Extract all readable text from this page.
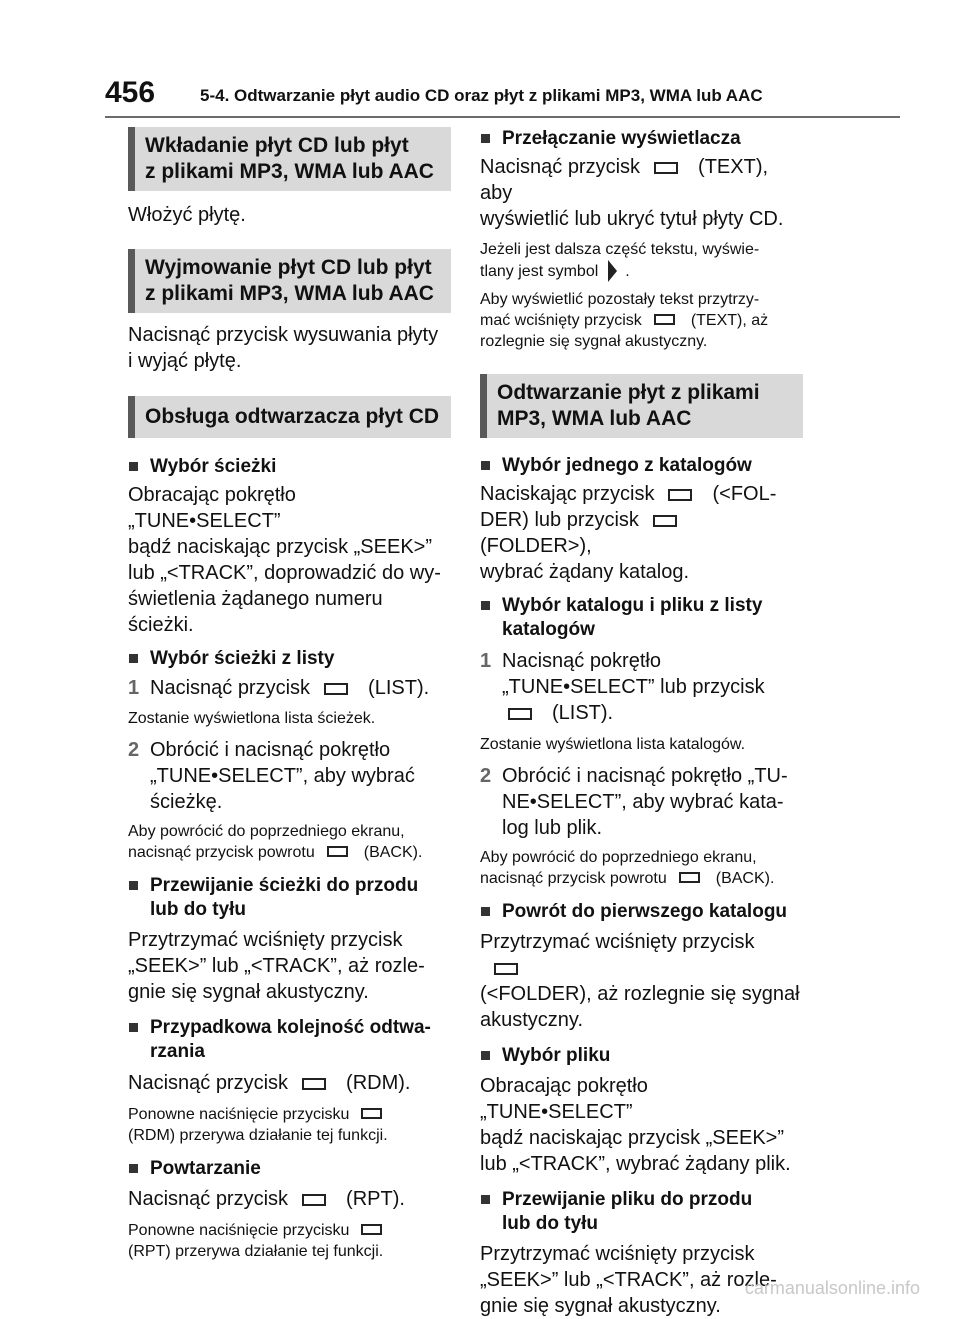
456	5-4. Odtwarzanie płyt audio CD oraz płyt z plikami MP3, WMA lub AAC
Wkładanie płyt CD lub płyt
z plikami MP3, WMA lub AAC
Włożyć płytę.
Wyjmowanie płyt CD lub płyt
z plikami MP3, WMA lub AAC
Nacisnąć przycisk wysuwania płyty
i wyjąć płytę.
Obsługa odtwarzacza płyt CD
Wybór ścieżki
Obracając pokrętło „TUNE•SELECT”
bądź naciskając przycisk „SEEK>”
lub „<TRACK”, doprowadzić do wy-
świetlenia żądanego numeru ścieżki.
Wybór ścieżki z listy
1 Nacisnąć przycisk	(LIST).
Zostanie wyświetlona lista ścieżek.
2 Obrócić i nacisnąć pokrętło
„TUNE•SELECT”, aby wybrać
ścieżkę.
Aby powrócić do poprzedniego ekranu,
nacisnąć przycisk powrotu	(BACK).
Przewijanie ścieżki do przodu
lub do tyłu
Przytrzymać wciśnięty przycisk
„SEEK>” lub „<TRACK”, aż rozle-
gnie się sygnał akustyczny.
Przypadkowa kolejność odtwa-
rzania
Nacisnąć przycisk	(RDM).
Ponowne naciśnięcie przycisku
(RDM) przerywa działanie tej funkcji.
Powtarzanie
Nacisnąć przycisk	(RPT).
Ponowne naciśnięcie przycisku
(RPT) przerywa działanie tej funkcji.
Przełączanie wyświetlacza
Nacisnąć przycisk	(TEXT), aby
wyświetlić lub ukryć tytuł płyty CD.
Jeżeli jest dalsza część tekstu, wyświe-
tlany jest symbol .
Aby wyświetlić pozostały tekst przytrzy-
mać wciśnięty przycisk	(TEXT), aż
rozlegnie się sygnał akustyczny.
Odtwarzanie płyt z plikami
MP3, WMA lub AAC
Wybór jednego z katalogów
Naciskając przycisk	(<FOL-
DER) lub przycisk(FOLDER>),
wybrać żądany katalog.
Wybór katalogu i pliku z listy
katalogów
1 Nacisnąć pokrętło
„TUNE•SELECT” lub przycisk
(LIST).
Zostanie wyświetlona lista katalogów.
2 Obrócić i nacisnąć pokrętło „TU-
NE•SELECT”, aby wybrać kata-
log lub plik.
Aby powrócić do poprzedniego ekranu,
nacisnąć przycisk powrotu	(BACK).
Powrót do pierwszego katalogu
Przytrzymać wciśnięty przycisk
(<FOLDER), aż rozlegnie się sygnał
akustyczny.
Wybór pliku
Obracając pokrętło „TUNE•SELECT”
bądź naciskając przycisk „SEEK>”
lub „<TRACK”, wybrać żądany plik.
Przewijanie pliku do przodu
lub do tyłu
Przytrzymać wciśnięty przycisk
„SEEK>” lub „<TRACK”, aż rozle-
gnie się sygnał akustyczny.
carmanualsonline.info
